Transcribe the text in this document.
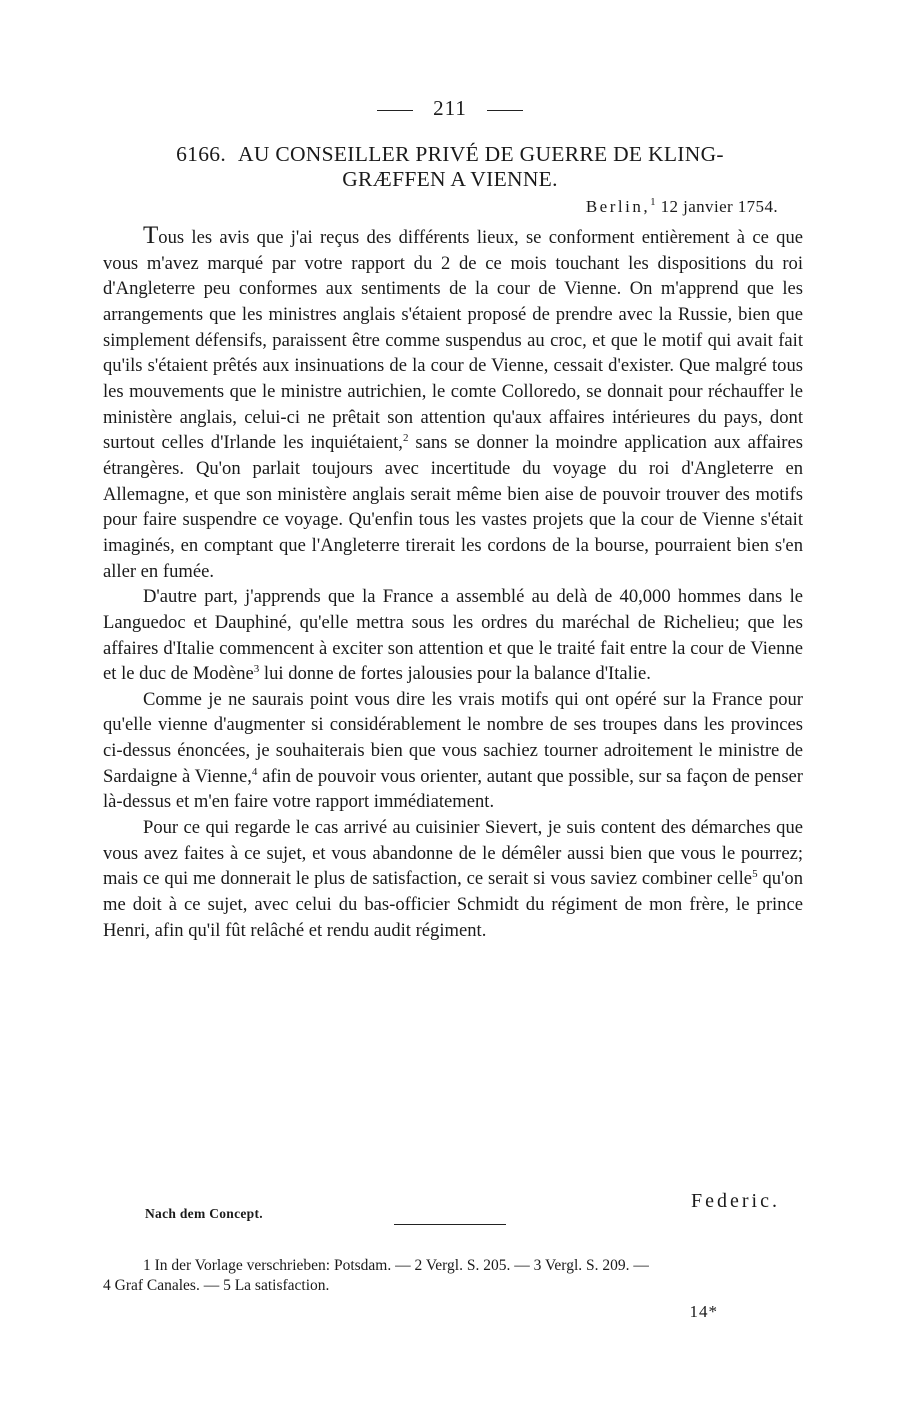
211
6166. AU CONSEILLER PRIVÉ DE GUERRE DE KLING-
GRÆFFEN A VIENNE.
Berlin,$^1$ 12 janvier 1754.

Tous les avis que j'ai reçus des différents lieux, se conforment entièrement à ce que vous m'avez marqué par votre rapport du 2 de ce mois touchant les dispositions du roi d'Angleterre peu conformes aux sentiments de la cour de Vienne. On m'apprend que les arrangements que les ministres anglais s'étaient proposé de prendre avec la Russie, bien que simplement défensifs, paraissent être comme suspendus au croc, et que le motif qui avait fait qu'ils s'étaient prêtés aux insinuations de la cour de Vienne, cessait d'exister. Que malgré tous les mouvements que le ministre autrichien, le comte Colloredo, se donnait pour réchauffer le ministère anglais, celui-ci ne prêtait son attention qu'aux affaires intérieures du pays, dont surtout celles d'Irlande les inquiétaient,$^2$ sans se donner la moindre application aux affaires étrangères. Qu'on parlait toujours avec incertitude du voyage du roi d'Angleterre en Allemagne, et que son ministère anglais serait même bien aise de pouvoir trouver des motifs pour faire suspendre ce voyage. Qu'enfin tous les vastes projets que la cour de Vienne s'était imaginés, en comptant que l'Angleterre tirerait les cordons de la bourse, pourraient bien s'en aller en fumée.

D'autre part, j'apprends que la France a assemblé au delà de 40,000 hommes dans le Languedoc et Dauphiné, qu'elle mettra sous les ordres du maréchal de Richelieu; que les affaires d'Italie commencent à exciter son attention et que le traité fait entre la cour de Vienne et le duc de Modène$^3$ lui donne de fortes jalousies pour la balance d'Italie.

Comme je ne saurais point vous dire les vrais motifs qui ont opéré sur la France pour qu'elle vienne d'augmenter si considérablement le nombre de ses troupes dans les provinces ci-dessus énoncées, je souhaiterais bien que vous sachiez tourner adroitement le ministre de Sardaigne à Vienne,$^4$ afin de pouvoir vous orienter, autant que possible, sur sa façon de penser là-dessus et m'en faire votre rapport immédiatement.

Pour ce qui regarde le cas arrivé au cuisinier Sievert, je suis content des démarches que vous avez faites à ce sujet, et vous abandonne de le démêler aussi bien que vous le pourrez; mais ce qui me donnerait le plus de satisfaction, ce serait si vous saviez combiner celle$^5$ qu'on me doit à ce sujet, avec celui du bas-officier Schmidt du régiment de mon frère, le prince Henri, afin qu'il fût relâché et rendu audit régiment.

Federic.
Nach dem Concept.
1 In der Vorlage verschrieben: Potsdam. — 2 Vergl. S. 205. — 3 Vergl. S. 209. —
4 Graf Canales. — 5 La satisfaction.
14*
